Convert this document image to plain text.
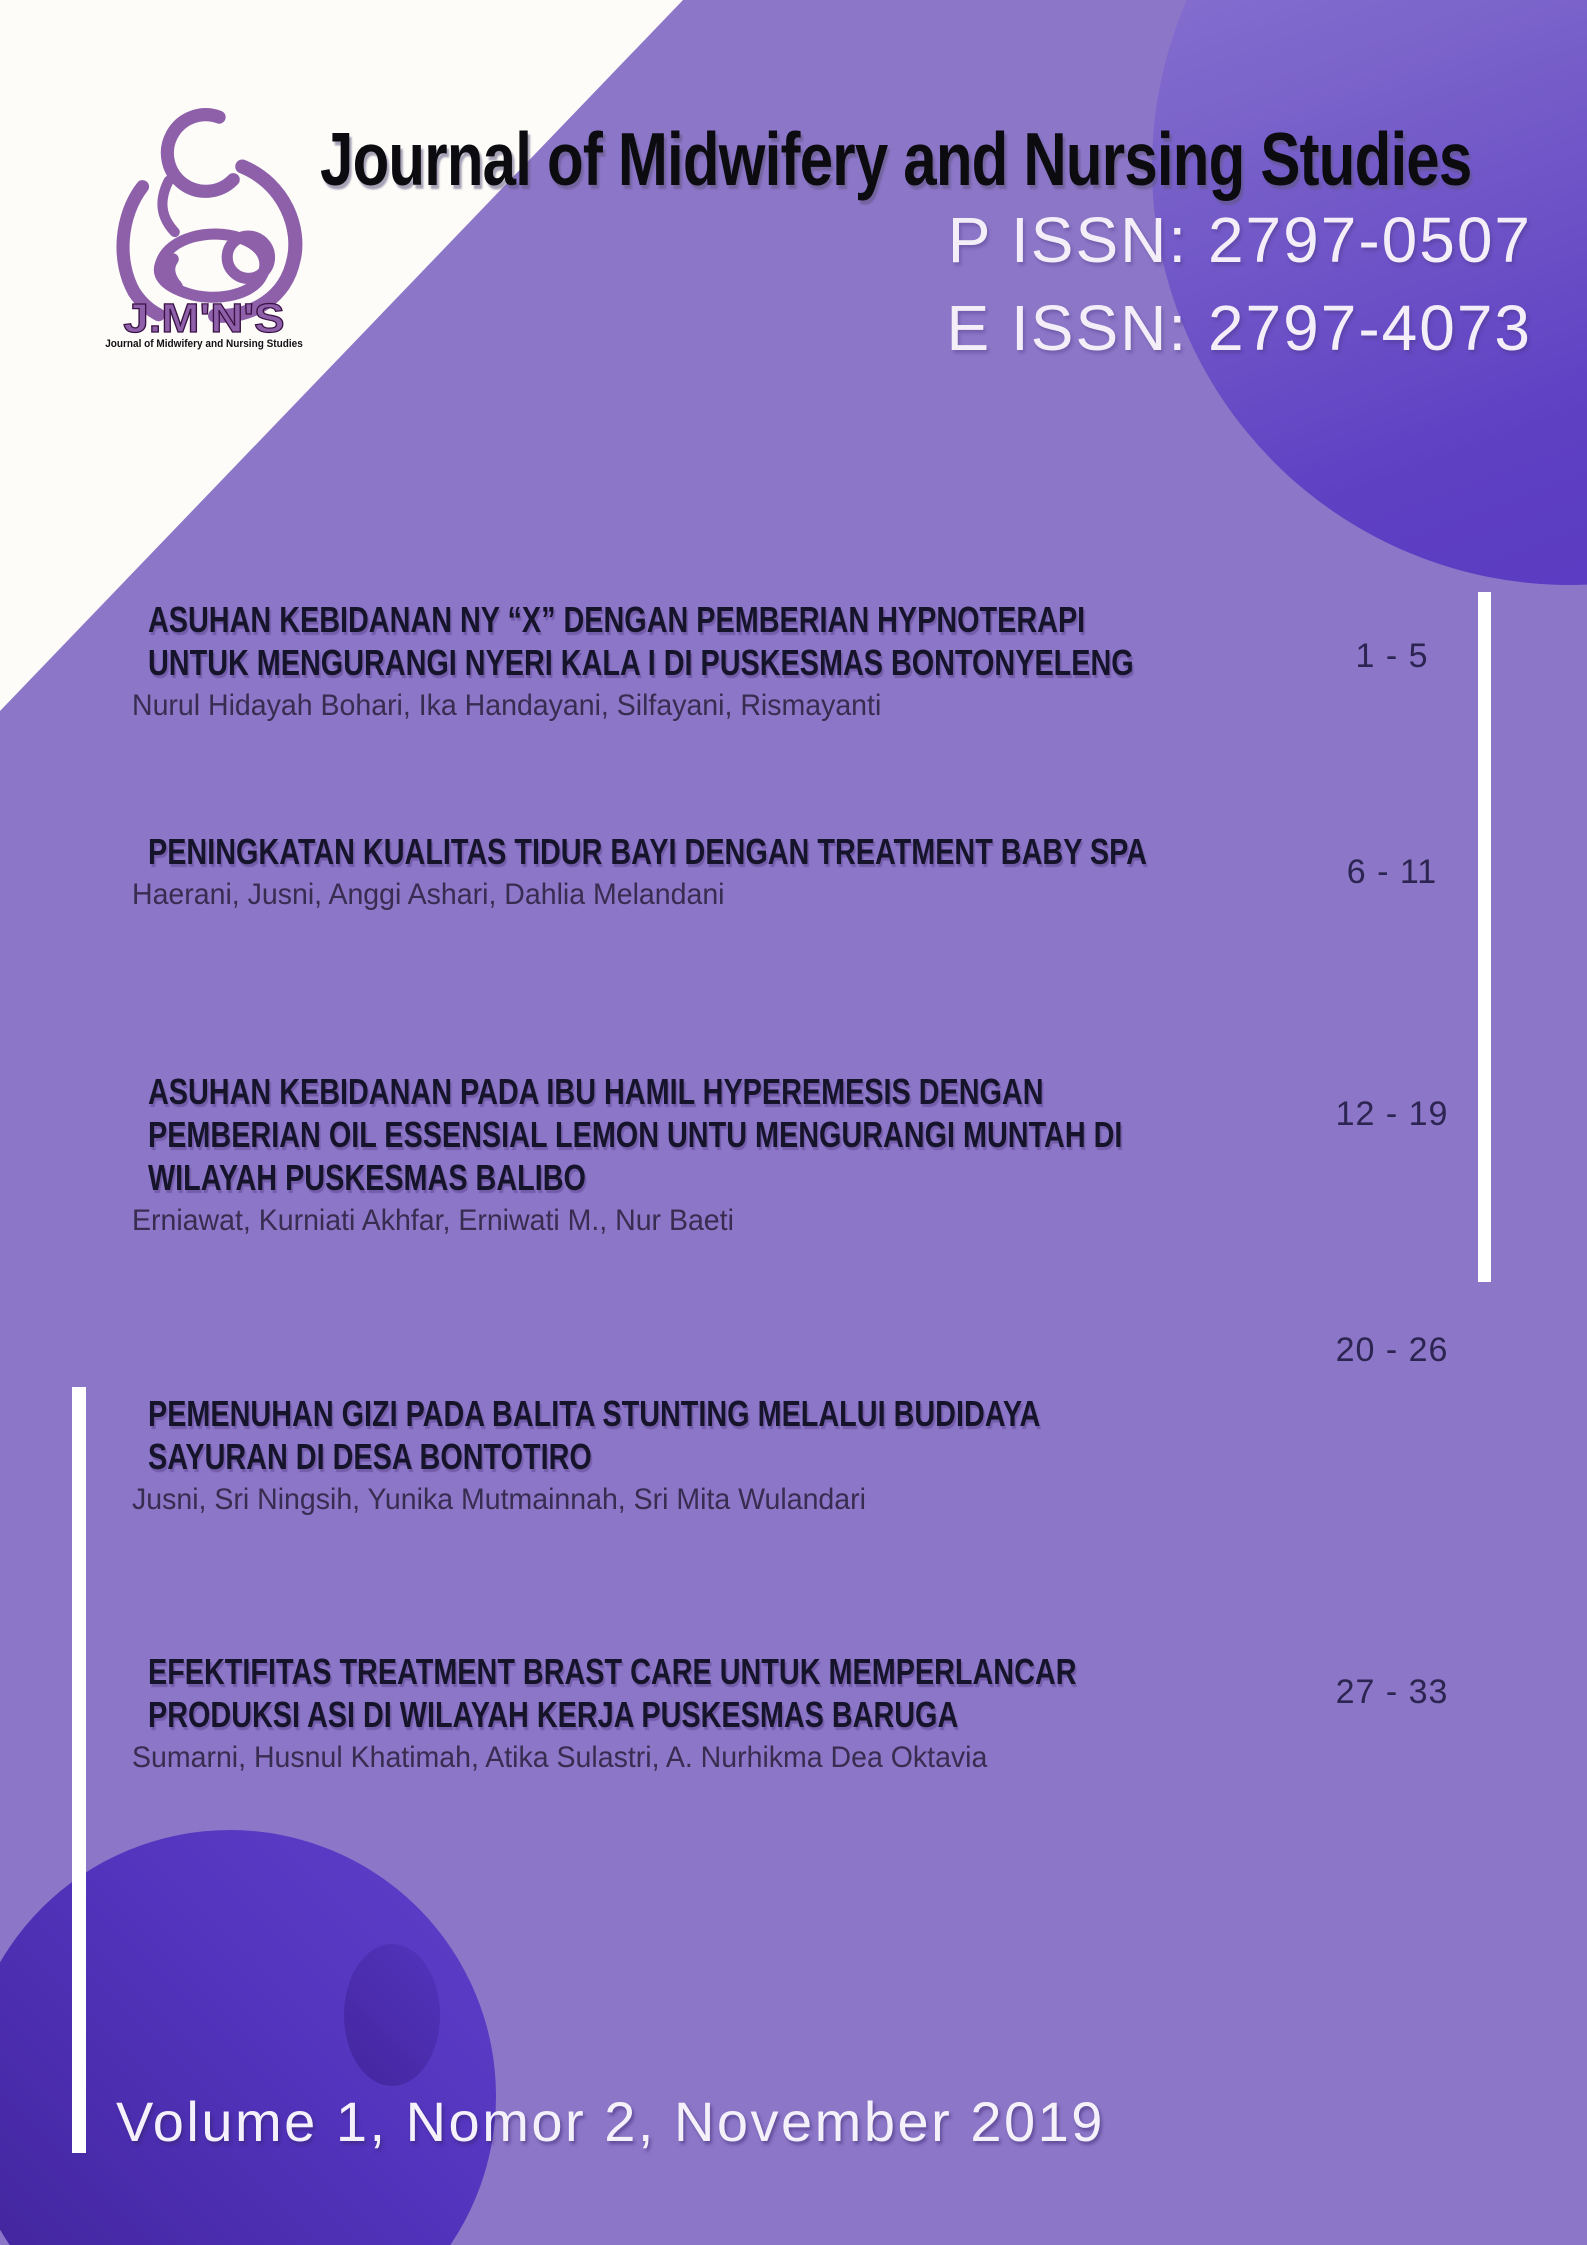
J.M'N'S
Journal of Midwifery and Nursing Studies
Journal of Midwifery and Nursing Studies
P ISSN: 2797-0507
E ISSN: 2797-4073
ASUHAN KEBIDANAN NY “X” DENGAN PEMBERIAN HYPNOTERAPI
UNTUK MENGURANGI NYERI KALA I DI PUSKESMAS BONTONYELENG
Nurul Hidayah Bohari, Ika Handayani, Silfayani, Rismayanti
1 - 5
PENINGKATAN KUALITAS TIDUR BAYI DENGAN TREATMENT BABY SPA
Haerani, Jusni, Anggi Ashari, Dahlia Melandani
6 - 11
ASUHAN KEBIDANAN PADA IBU HAMIL HYPEREMESIS DENGAN
PEMBERIAN OIL ESSENSIAL LEMON UNTU MENGURANGI MUNTAH DI
WILAYAH PUSKESMAS BALIBO
Erniawat, Kurniati Akhfar, Erniwati M., Nur Baeti
12 - 19
PEMENUHAN GIZI PADA BALITA STUNTING MELALUI BUDIDAYA
SAYURAN DI DESA BONTOTIRO
Jusni, Sri Ningsih, Yunika Mutmainnah, Sri Mita Wulandari
20 - 26
EFEKTIFITAS TREATMENT BRAST CARE UNTUK MEMPERLANCAR
PRODUKSI ASI DI WILAYAH KERJA PUSKESMAS BARUGA
Sumarni, Husnul Khatimah, Atika Sulastri, A. Nurhikma Dea Oktavia
27 - 33
Volume 1, Nomor 2, November 2019
